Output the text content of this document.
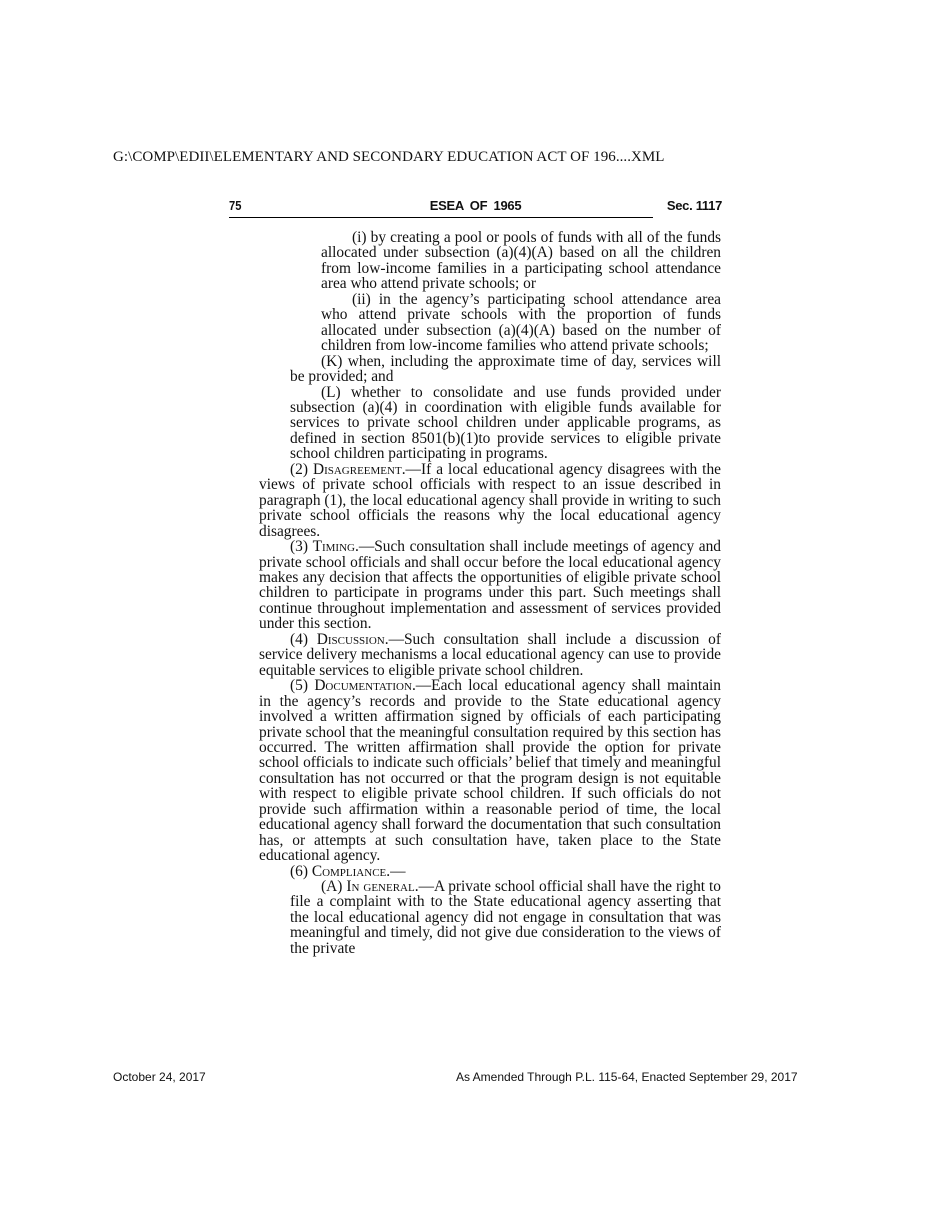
G:\COMP\EDII\ELEMENTARY AND SECONDARY EDUCATION ACT OF 196....XML
75	ESEA OF 1965	Sec. 1117

(i) by creating a pool or pools of funds with all of the funds allocated under subsection (a)(4)(A) based on all the children from low-income families in a participating school attendance area who attend private schools; or

(ii) in the agency’s participating school attendance area who attend private schools with the proportion of funds allocated under subsection (a)(4)(A) based on the number of children from low-income families who attend private schools;

(K) when, including the approximate time of day, services will be provided; and

(L) whether to consolidate and use funds provided under subsection (a)(4) in coordination with eligible funds available for services to private school children under applicable programs, as defined in section 8501(b)(1)to provide services to eligible private school children participating in programs.

(2) Disagreement.—If a local educational agency disagrees with the views of private school officials with respect to an issue described in paragraph (1), the local educational agency shall provide in writing to such private school officials the reasons why the local educational agency disagrees.

(3) Timing.—Such consultation shall include meetings of agency and private school officials and shall occur before the local educational agency makes any decision that affects the opportunities of eligible private school children to participate in programs under this part. Such meetings shall continue throughout implementation and assessment of services provided under this section.

(4) Discussion.—Such consultation shall include a discussion of service delivery mechanisms a local educational agency can use to provide equitable services to eligible private school children.

(5) Documentation.—Each local educational agency shall maintain in the agency’s records and provide to the State educational agency involved a written affirmation signed by officials of each participating private school that the meaningful consultation required by this section has occurred. The written affirmation shall provide the option for private school officials to indicate such officials’ belief that timely and meaningful consultation has not occurred or that the program design is not equitable with respect to eligible private school children. If such officials do not provide such affirmation within a reasonable period of time, the local educational agency shall forward the documentation that such consultation has, or attempts at such consultation have, taken place to the State educational agency.

(6) Compliance.—

(A) In general.—A private school official shall have the right to file a complaint with to the State educational agency asserting that the local educational agency did not engage in consultation that was meaningful and timely, did not give due consideration to the views of the private

October 24, 2017	As Amended Through P.L. 115-64, Enacted September 29, 2017
